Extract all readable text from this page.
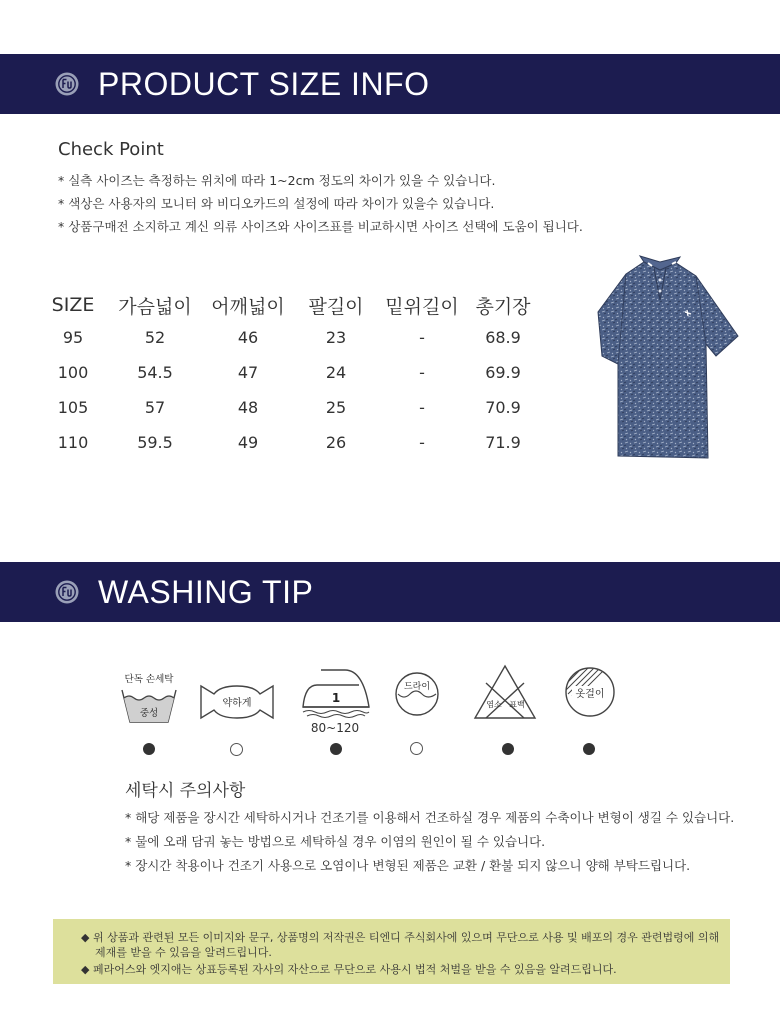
PRODUCT SIZE INFO
Check Point
* 실측 사이즈는 측정하는 위치에 따라 1~2cm 정도의 차이가 있을 수 있습니다.
* 색상은 사용자의 모니터 와 비디오카드의 설정에 따라 차이가 있을수 있습니다.
* 상품구매전 소지하고 계신 의류 사이즈와 사이즈표를 비교하시면 사이즈 선택에 도움이 됩니다.
SIZE	가슴넓이	어깨넓이	팔길이	밑위길이	총기장
95	52	46	23	-	68.9
100	54.5	47	24	-	69.9
105	57	48	25	-	70.9
110	59.5	49	26	-	71.9
WASHING TIP
단독 손세탁
중성
약하게	1
80~120
드라이
염소 표백
옷걸이
세탁시 주의사항
* 해당 제품을 장시간 세탁하시거나 건조기를 이용해서 건조하실 경우 제품의 수축이나 변형이 생길 수 있습니다.
* 물에 오래 담궈 놓는 방법으로 세탁하실 경우 이염의 원인이 될 수 있습니다.
* 장시간 착용이나 건조기 사용으로 오염이나 변형된 제품은 교환 / 환불 되지 않으니 양해 부탁드립니다.
◆ 위 상품과 관련된 모든 이미지와 문구, 상품명의 저작권은 티엔디 주식회사에 있으며 무단으로 사용 및 배포의 경우 관련법령에 의해
제재를 받을 수 있음을 알려드립니다.
◆ 페라어스와 엣지애는 상표등록된 자사의 자산으로 무단으로 사용시 법적 처벌을 받을 수 있음을 알려드립니다.
